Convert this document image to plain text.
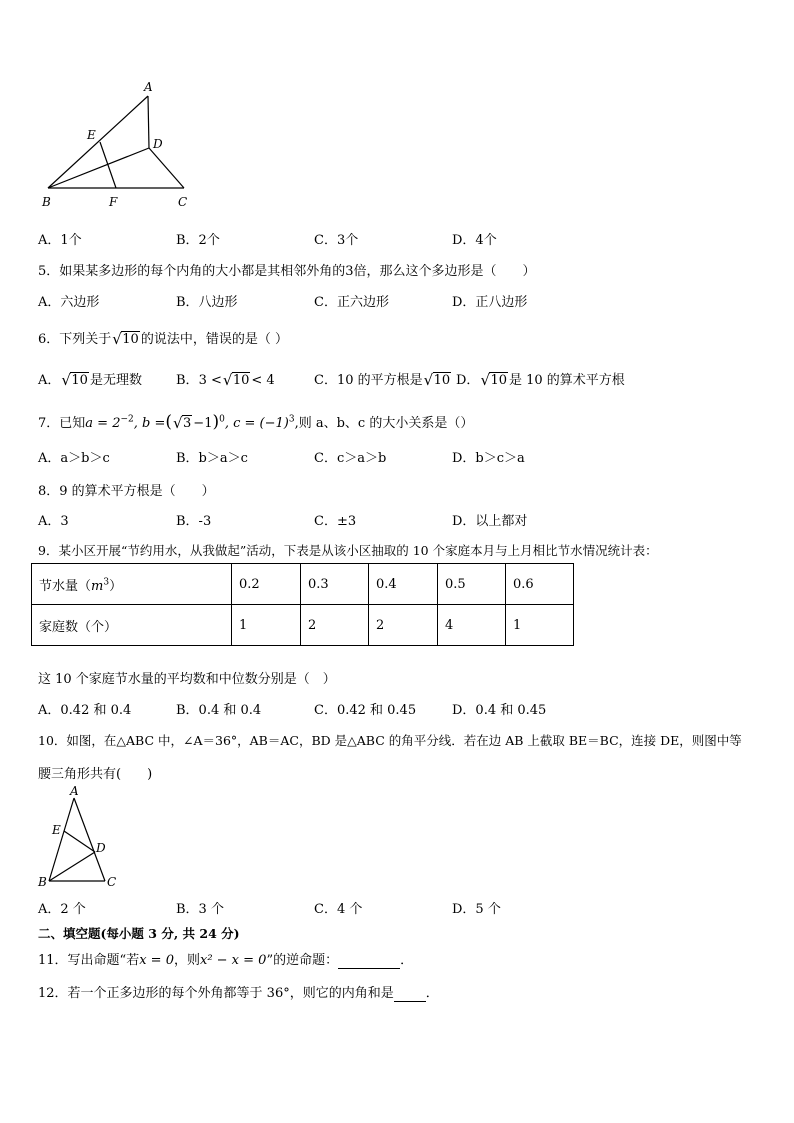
A
E
D
B	F	C
A．1个	B．2个	C．3个	D．4个
5．如果某多边形的每个内角的大小都是其相邻外角的3倍，那么这个多边形是（　　）
A．六边形	B．八边形	C．正六边形	D．正八边形
6．下列关于 √ 10 的说法中，错误的是（ ）
A． √ 10 是无理数	B．3 < √ 10 < 4	C．10 的平方根是 √ 10 D． √ 10 是 10 的算术平方根
7．已知$a = 2^{-2}$, b =( √ 3 −1)$^0$, $c = (-1)^3$,则 a、b、c 的大小关系是（）
A．a＞b＞c	B．b＞a＞c	C．c＞a＞b	D．b＞c＞a
8．9 的算术平方根是（　　）
A．3	B．-3	C．±3	D．以上都对
9．某小区开展“节约用水，从我做起”活动，下表是从该小区抽取的 10 个家庭本月与上月相比节水情况统计表：
节水量$(m^3)$	0.2	0.3	0.4	0.5	0.6
家庭数（个）	1	2	2	4	1
这 10 个家庭节水量的平均数和中位数分别是（　）
A．0.42 和 0.4	B．0.4 和 0.4	C．0.42 和 0.45	D．0.4 和 0.45
10．如图，在△ABC 中，∠A＝36°，AB＝AC，BD 是△ABC 的角平分线．若在边 AB 上截取 BE＝BC，连接 DE，则图中等
腰三角形共有(　　)
A
E
D
B	C
A．2 个	B．3 个	C．4 个	D．5 个
二、填空题(每小题 3 分, 共 24 分)
11．写出命题“若x = 0，则x² − x = 0”的逆命题：	．
12．若一个正多边形的每个外角都等于 36°，则它的内角和是 ．
